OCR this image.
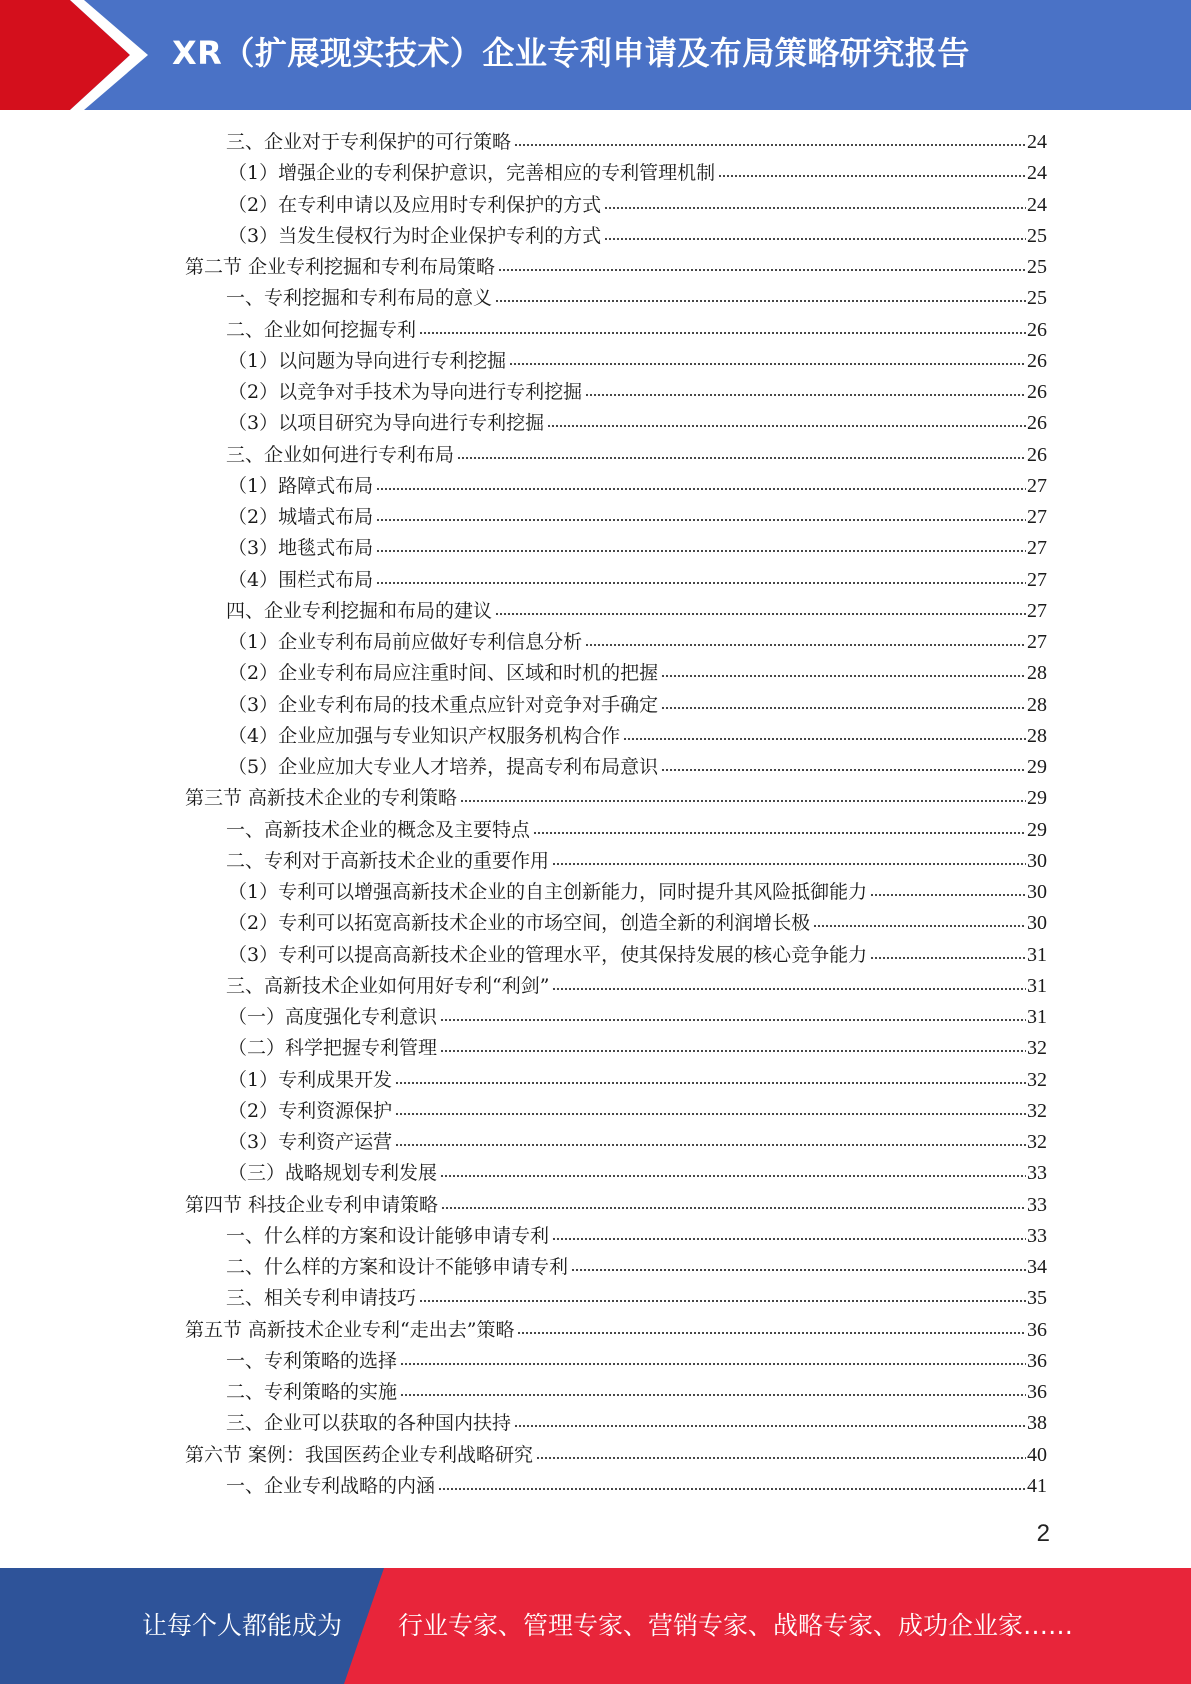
XR（扩展现实技术）企业专利申请及布局策略研究报告
三、企业对于专利保护的可行策略	24
（1）增强企业的专利保护意识，完善相应的专利管理机制	24
（2）在专利申请以及应用时专利保护的方式	24
（3）当发生侵权行为时企业保护专利的方式	25
第二节 企业专利挖掘和专利布局策略	25
一、专利挖掘和专利布局的意义	25
二、企业如何挖掘专利	26
（1）以问题为导向进行专利挖掘	26
（2）以竞争对手技术为导向进行专利挖掘	26
（3）以项目研究为导向进行专利挖掘	26
三、企业如何进行专利布局	26
（1）路障式布局	27
（2）城墙式布局	27
（3）地毯式布局	27
（4）围栏式布局	27
四、企业专利挖掘和布局的建议	27
（1）企业专利布局前应做好专利信息分析	27
（2）企业专利布局应注重时间、区域和时机的把握	28
（3）企业专利布局的技术重点应针对竞争对手确定	28
（4）企业应加强与专业知识产权服务机构合作	28
（5）企业应加大专业人才培养，提高专利布局意识	29
第三节 高新技术企业的专利策略	29
一、高新技术企业的概念及主要特点	29
二、专利对于高新技术企业的重要作用	30
（1）专利可以增强高新技术企业的自主创新能力，同时提升其风险抵御能力	30
（2）专利可以拓宽高新技术企业的市场空间，创造全新的利润增长极	30
（3）专利可以提高高新技术企业的管理水平，使其保持发展的核心竞争能力	31
三、高新技术企业如何用好专利“利剑”	31
（一）高度强化专利意识	31
（二）科学把握专利管理	32
（1）专利成果开发	32
（2）专利资源保护	32
（3）专利资产运营	32
（三）战略规划专利发展	33
第四节 科技企业专利申请策略	33
一、什么样的方案和设计能够申请专利	33
二、什么样的方案和设计不能够申请专利	34
三、相关专利申请技巧	35
第五节 高新技术企业专利“走出去”策略	36
一、专利策略的选择	36
二、专利策略的实施	36
三、企业可以获取的各种国内扶持	38
第六节 案例：我国医药企业专利战略研究	40
一、企业专利战略的内涵	41
2
让每个人都能成为 行业专家、管理专家、营销专家、战略专家、成功企业家……
